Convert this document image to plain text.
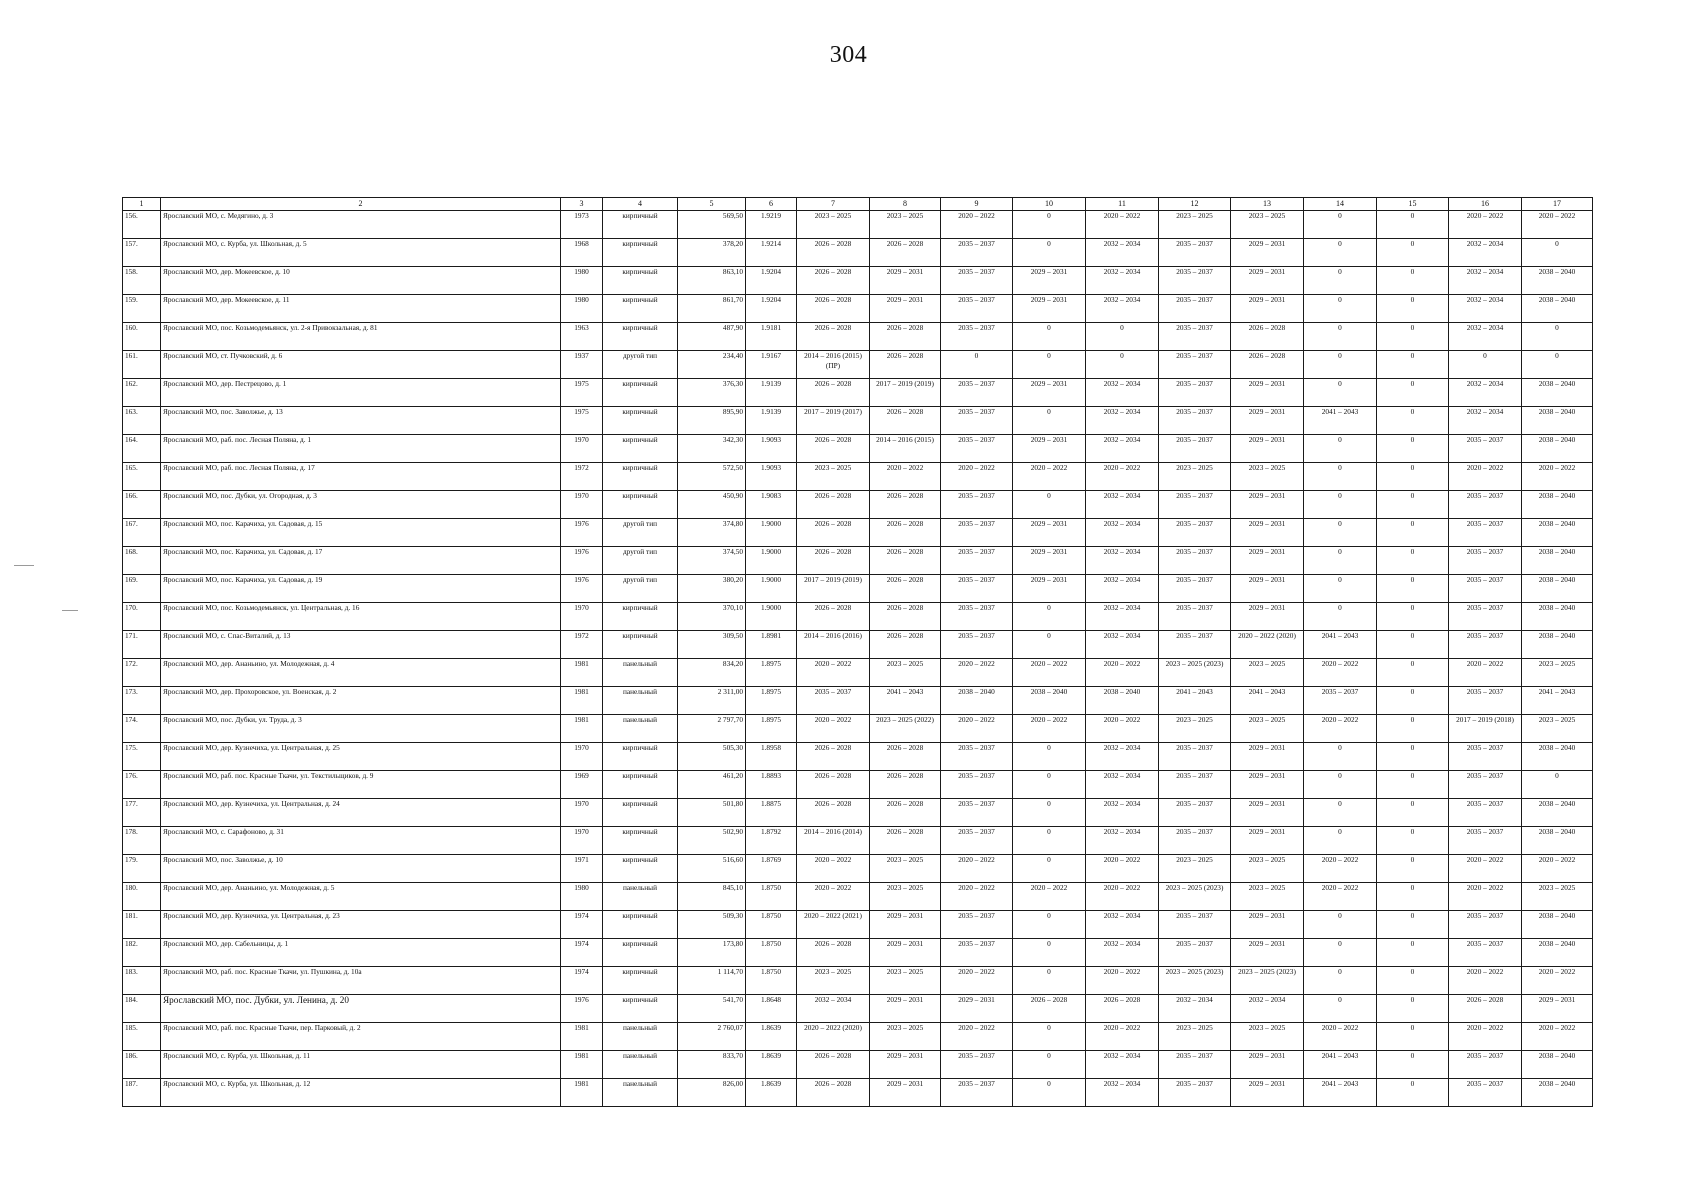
304
1	2	3	4	5	6	7	8	9	10	11	12	13	14	15	16	17
156.	Ярославский МО, с. Медягино, д. 3	1973	кирпичный	569,50	1.9219	2023 – 2025	2023 – 2025	2020 – 2022	0	2020 – 2022	2023 – 2025	2023 – 2025	0	0	2020 – 2022	2020 – 2022
157.	Ярославский МО, с. Курба, ул. Школьная, д. 5	1968	кирпичный	378,20	1.9214	2026 – 2028	2026 – 2028	2035 – 2037	0	2032 – 2034	2035 – 2037	2029 – 2031	0	0	2032 – 2034	0
158.	Ярославский МО, дер. Мокеевское, д. 10	1980	кирпичный	863,10	1.9204	2026 – 2028	2029 – 2031	2035 – 2037	2029 – 2031	2032 – 2034	2035 – 2037	2029 – 2031	0	0	2032 – 2034	2038 – 2040
159.	Ярославский МО, дер. Мокеевское, д. 11	1980	кирпичный	861,70	1.9204	2026 – 2028	2029 – 2031	2035 – 2037	2029 – 2031	2032 – 2034	2035 – 2037	2029 – 2031	0	0	2032 – 2034	2038 – 2040
160.	Ярославский МО, пос. Козьмодемьянск, ул. 2-я Привокзальная, д. 81	1963	кирпичный	487,90	1.9181	2026 – 2028	2026 – 2028	2035 – 2037	0	0	2035 – 2037	2026 – 2028	0	0	2032 – 2034	0
161.	Ярославский МО, ст. Пучковский, д. 6	1937	другой тип	234,40	1.9167	2014 – 2016 (2015) (ПР)	2026 – 2028	0	0	0	2035 – 2037	2026 – 2028	0	0	0	0
162.	Ярославский МО, дер. Пестрецово, д. 1	1975	кирпичный	376,30	1.9139	2026 – 2028	2017 – 2019 (2019)	2035 – 2037	2029 – 2031	2032 – 2034	2035 – 2037	2029 – 2031	0	0	2032 – 2034	2038 – 2040
163.	Ярославский МО, пос. Заволжье, д. 13	1975	кирпичный	895,90	1.9139	2017 – 2019 (2017)	2026 – 2028	2035 – 2037	0	2032 – 2034	2035 – 2037	2029 – 2031	2041 – 2043	0	2032 – 2034	2038 – 2040
164.	Ярославский МО, раб. пос. Лесная Поляна, д. 1	1970	кирпичный	342,30	1.9093	2026 – 2028	2014 – 2016 (2015)	2035 – 2037	2029 – 2031	2032 – 2034	2035 – 2037	2029 – 2031	0	0	2035 – 2037	2038 – 2040
165.	Ярославский МО, раб. пос. Лесная Поляна, д. 17	1972	кирпичный	572,50	1.9093	2023 – 2025	2020 – 2022	2020 – 2022	2020 – 2022	2020 – 2022	2023 – 2025	2023 – 2025	0	0	2020 – 2022	2020 – 2022
166.	Ярославский МО, пос. Дубки, ул. Огородная, д. 3	1970	кирпичный	450,90	1.9083	2026 – 2028	2026 – 2028	2035 – 2037	0	2032 – 2034	2035 – 2037	2029 – 2031	0	0	2035 – 2037	2038 – 2040
167.	Ярославский МО, пос. Карачиха, ул. Садовая, д. 15	1976	другой тип	374,80	1.9000	2026 – 2028	2026 – 2028	2035 – 2037	2029 – 2031	2032 – 2034	2035 – 2037	2029 – 2031	0	0	2035 – 2037	2038 – 2040
168.	Ярославский МО, пос. Карачиха, ул. Садовая, д. 17	1976	другой тип	374,50	1.9000	2026 – 2028	2026 – 2028	2035 – 2037	2029 – 2031	2032 – 2034	2035 – 2037	2029 – 2031	0	0	2035 – 2037	2038 – 2040
169.	Ярославский МО, пос. Карачиха, ул. Садовая, д. 19	1976	другой тип	380,20	1.9000	2017 – 2019 (2019)	2026 – 2028	2035 – 2037	2029 – 2031	2032 – 2034	2035 – 2037	2029 – 2031	0	0	2035 – 2037	2038 – 2040
170.	Ярославский МО, пос. Козьмодемьянск, ул. Центральная, д. 16	1970	кирпичный	370,10	1.9000	2026 – 2028	2026 – 2028	2035 – 2037	0	2032 – 2034	2035 – 2037	2029 – 2031	0	0	2035 – 2037	2038 – 2040
171.	Ярославский МО, с. Спас-Виталий, д. 13	1972	кирпичный	309,50	1.8981	2014 – 2016 (2016)	2026 – 2028	2035 – 2037	0	2032 – 2034	2035 – 2037	2020 – 2022 (2020)	2041 – 2043	0	2035 – 2037	2038 – 2040
172.	Ярославский МО, дер. Ананьино, ул. Молодежная, д. 4	1981	панельный	834,20	1.8975	2020 – 2022	2023 – 2025	2020 – 2022	2020 – 2022	2020 – 2022	2023 – 2025 (2023)	2023 – 2025	2020 – 2022	0	2020 – 2022	2023 – 2025
173.	Ярославский МО, дер. Прохоровское, ул. Военская, д. 2	1981	панельный	2 311,00	1.8975	2035 – 2037	2041 – 2043	2038 – 2040	2038 – 2040	2038 – 2040	2041 – 2043	2041 – 2043	2035 – 2037	0	2035 – 2037	2041 – 2043
174.	Ярославский МО, пос. Дубки, ул. Труда, д. 3	1981	панельный	2 797,70	1.8975	2020 – 2022	2023 – 2025 (2022)	2020 – 2022	2020 – 2022	2020 – 2022	2023 – 2025	2023 – 2025	2020 – 2022	0	2017 – 2019 (2018)	2023 – 2025
175.	Ярославский МО, дер. Кузнечиха, ул. Центральная, д. 25	1970	кирпичный	505,30	1.8958	2026 – 2028	2026 – 2028	2035 – 2037	0	2032 – 2034	2035 – 2037	2029 – 2031	0	0	2035 – 2037	2038 – 2040
176.	Ярославский МО, раб. пос. Красные Ткачи, ул. Текстильщиков, д. 9	1969	кирпичный	461,20	1.8893	2026 – 2028	2026 – 2028	2035 – 2037	0	2032 – 2034	2035 – 2037	2029 – 2031	0	0	2035 – 2037	0
177.	Ярославский МО, дер. Кузнечиха, ул. Центральная, д. 24	1970	кирпичный	501,80	1.8875	2026 – 2028	2026 – 2028	2035 – 2037	0	2032 – 2034	2035 – 2037	2029 – 2031	0	0	2035 – 2037	2038 – 2040
178.	Ярославский МО, с. Сарафоново, д. 31	1970	кирпичный	502,90	1.8792	2014 – 2016 (2014)	2026 – 2028	2035 – 2037	0	2032 – 2034	2035 – 2037	2029 – 2031	0	0	2035 – 2037	2038 – 2040
179.	Ярославский МО, пос. Заволжье, д. 10	1971	кирпичный	516,60	1.8769	2020 – 2022	2023 – 2025	2020 – 2022	0	2020 – 2022	2023 – 2025	2023 – 2025	2020 – 2022	0	2020 – 2022	2020 – 2022
180.	Ярославский МО, дер. Ананьино, ул. Молодежная, д. 5	1980	панельный	845,10	1.8750	2020 – 2022	2023 – 2025	2020 – 2022	2020 – 2022	2020 – 2022	2023 – 2025 (2023)	2023 – 2025	2020 – 2022	0	2020 – 2022	2023 – 2025
181.	Ярославский МО, дер. Кузнечиха, ул. Центральная, д. 23	1974	кирпичный	509,30	1.8750	2020 – 2022 (2021)	2029 – 2031	2035 – 2037	0	2032 – 2034	2035 – 2037	2029 – 2031	0	0	2035 – 2037	2038 – 2040
182.	Ярославский МО, дер. Сабельницы, д. 1	1974	кирпичный	173,80	1.8750	2026 – 2028	2029 – 2031	2035 – 2037	0	2032 – 2034	2035 – 2037	2029 – 2031	0	0	2035 – 2037	2038 – 2040
183.	Ярославский МО, раб. пос. Красные Ткачи, ул. Пушкина, д. 10а	1974	кирпичный	1 114,70	1.8750	2023 – 2025	2023 – 2025	2020 – 2022	0	2020 – 2022	2023 – 2025 (2023)	2023 – 2025 (2023)	0	0	2020 – 2022	2020 – 2022
184.	Ярославский МО, пос. Дубки, ул. Ленина, д. 20	1976	кирпичный	541,70	1.8648	2032 – 2034	2029 – 2031	2029 – 2031	2026 – 2028	2026 – 2028	2032 – 2034	2032 – 2034	0	0	2026 – 2028	2029 – 2031
185.	Ярославский МО, раб. пос. Красные Ткачи, пер. Парковый, д. 2	1981	панельный	2 760,07	1.8639	2020 – 2022 (2020)	2023 – 2025	2020 – 2022	0	2020 – 2022	2023 – 2025	2023 – 2025	2020 – 2022	0	2020 – 2022	2020 – 2022
186.	Ярославский МО, с. Курба, ул. Школьная, д. 11	1981	панельный	833,70	1.8639	2026 – 2028	2029 – 2031	2035 – 2037	0	2032 – 2034	2035 – 2037	2029 – 2031	2041 – 2043	0	2035 – 2037	2038 – 2040
187.	Ярославский МО, с. Курба, ул. Школьная, д. 12	1981	панельный	826,00	1.8639	2026 – 2028	2029 – 2031	2035 – 2037	0	2032 – 2034	2035 – 2037	2029 – 2031	2041 – 2043	0	2035 – 2037	2038 – 2040
